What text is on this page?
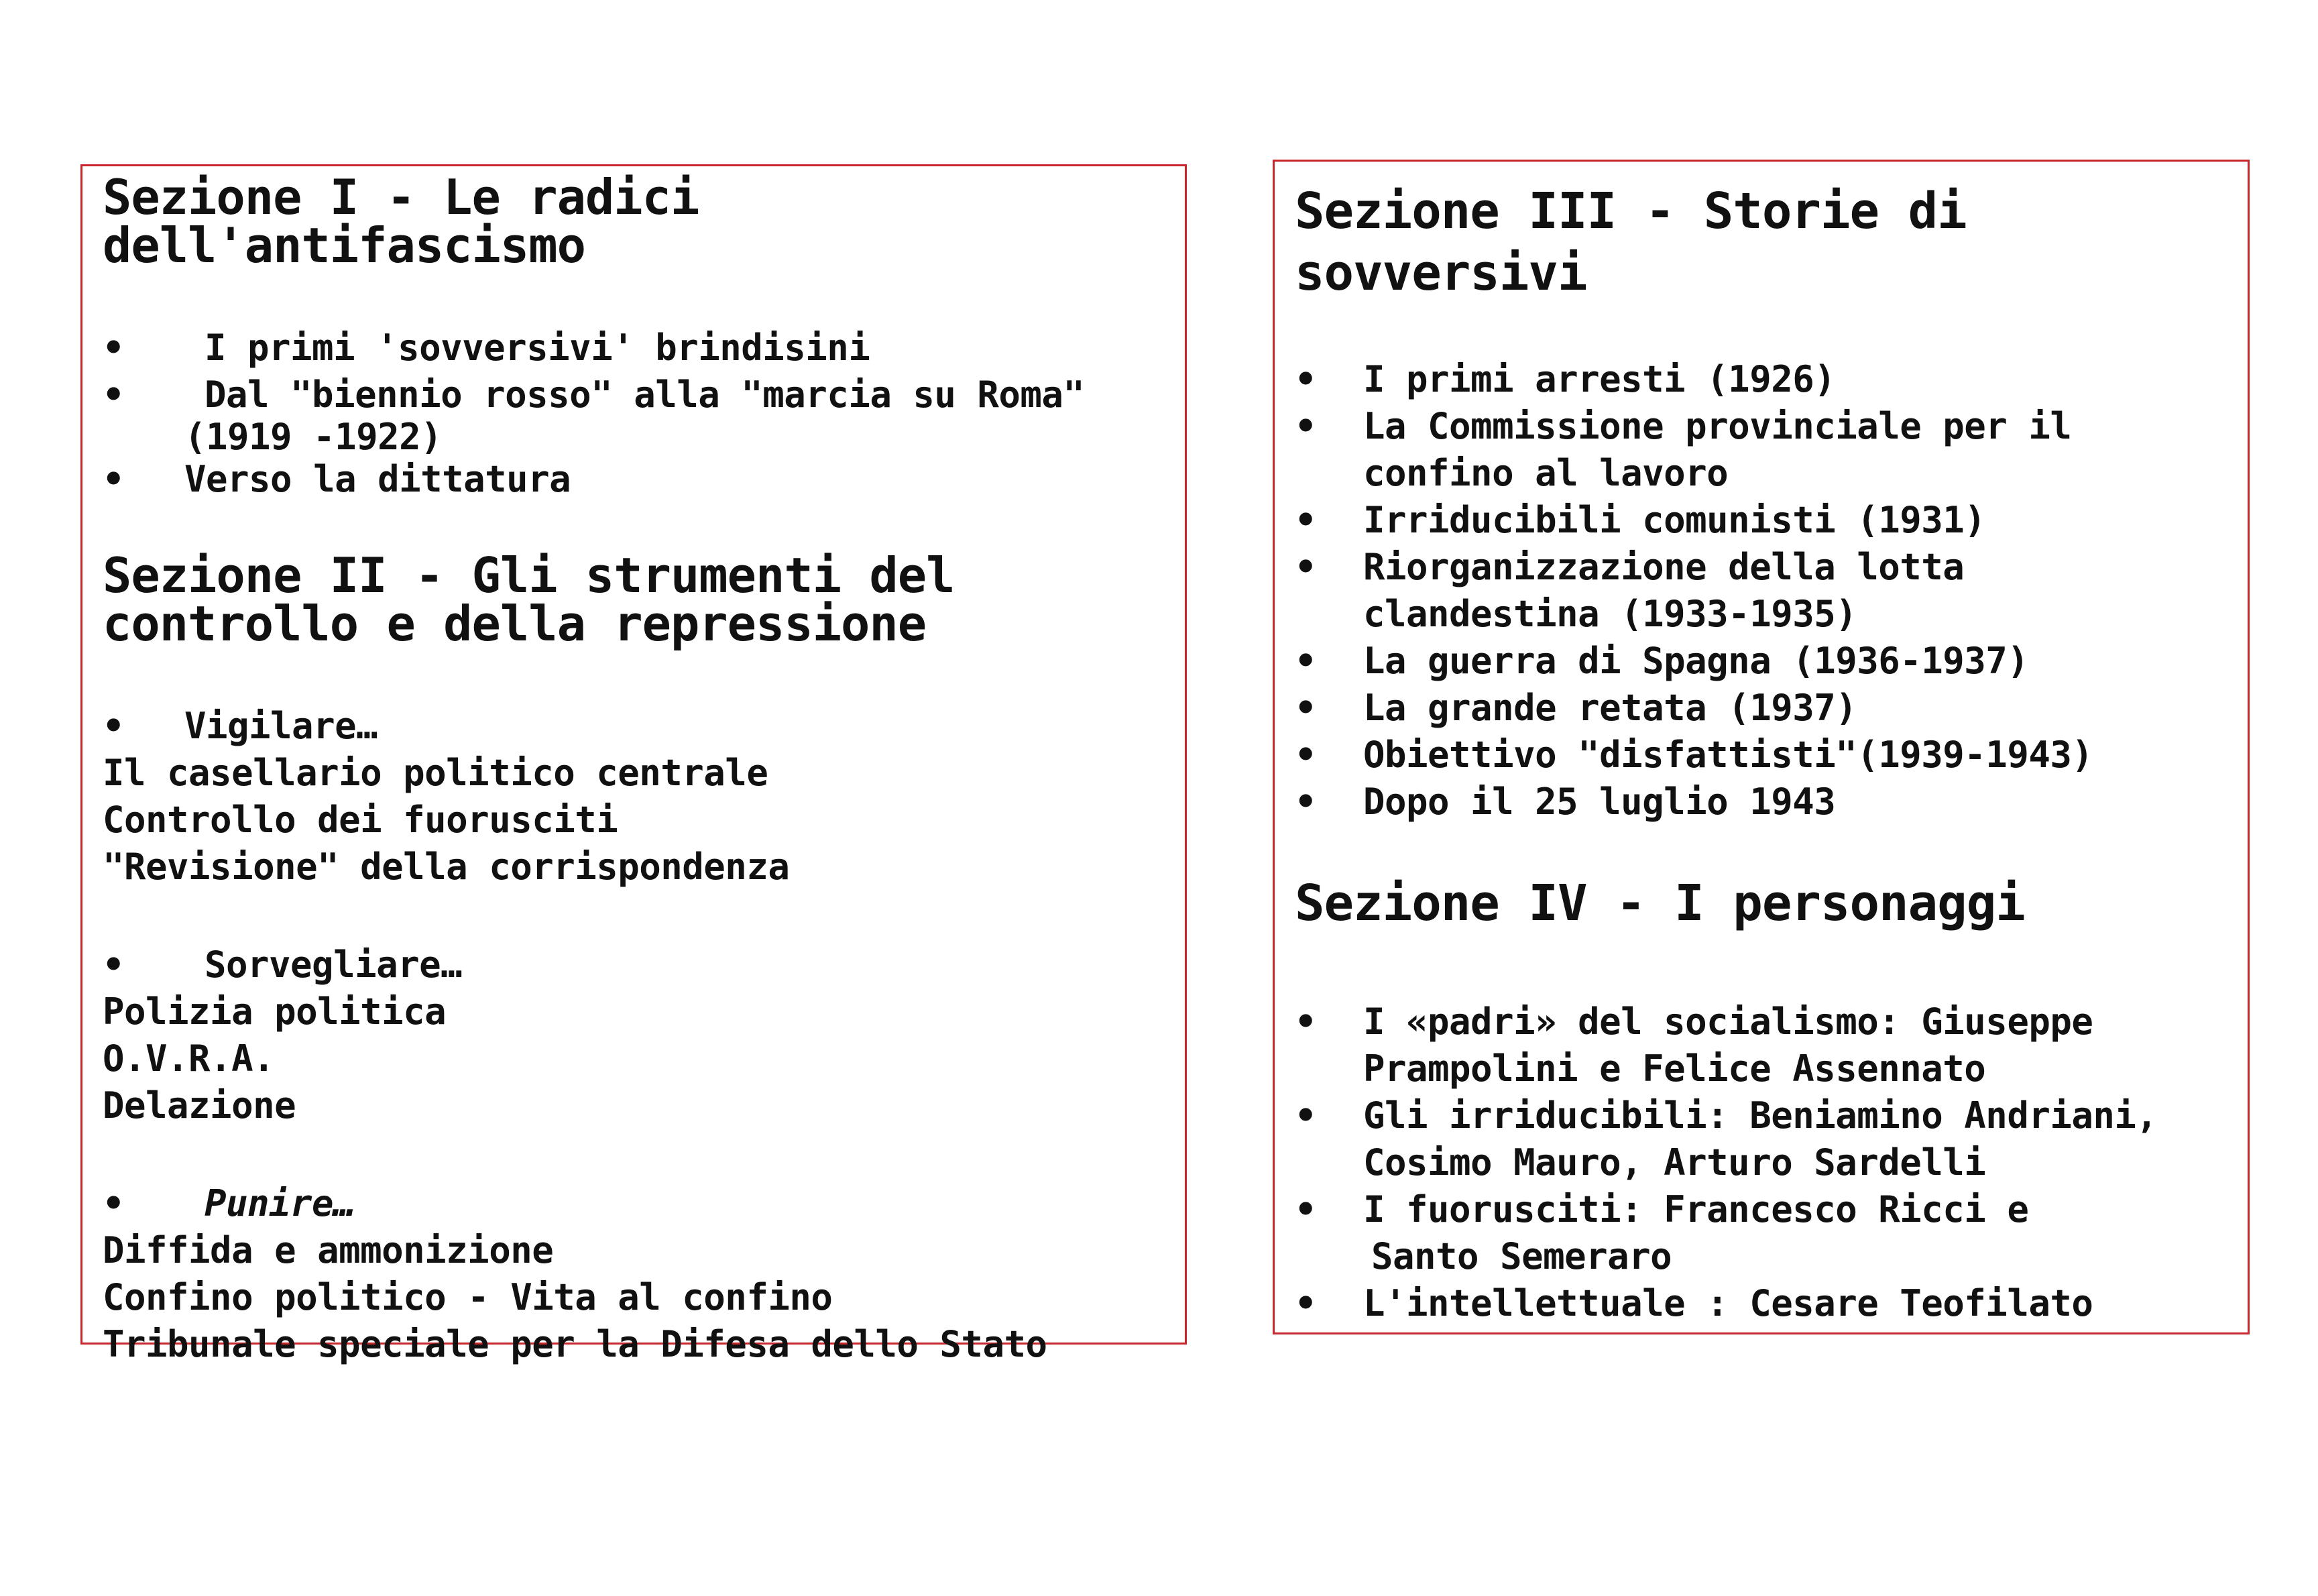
Sezione I - Le radici
dell'antifascismo
•	I primi 'sovversivi' brindisini
•	Dal "biennio rosso" alla "marcia su Roma"
(1919 -1922)
• Verso la dittatura
Sezione II - Gli strumenti del
controllo e della repressione
• Vigilare…
Il casellario politico centrale
Controllo dei fuorusciti
"Revisione" della corrispondenza
•	Sorvegliare…
Polizia politica
O.V.R.A.
Delazione
•	Punire…
Diffida e ammonizione
Confino politico - Vita al confino
Tribunale speciale per la Difesa dello Stato
Sezione III - Storie di
sovversivi
• I primi arresti (1926)
• La Commissione provinciale per il
confino al lavoro
• Irriducibili comunisti (1931)
• Riorganizzazione della lotta
clandestina (1933-1935)
• La guerra di Spagna (1936-1937)
• La grande retata (1937)
• Obiettivo "disfattisti"(1939-1943)
• Dopo il 25 luglio 1943
Sezione IV - I personaggi
• I «padri» del socialismo: Giuseppe
Prampolini e Felice Assennato
• Gli irriducibili: Beniamino Andriani,
Cosimo Mauro, Arturo Sardelli
• I fuorusciti: Francesco Ricci e
Santo Semeraro
• L'intellettuale : Cesare Teofilato
